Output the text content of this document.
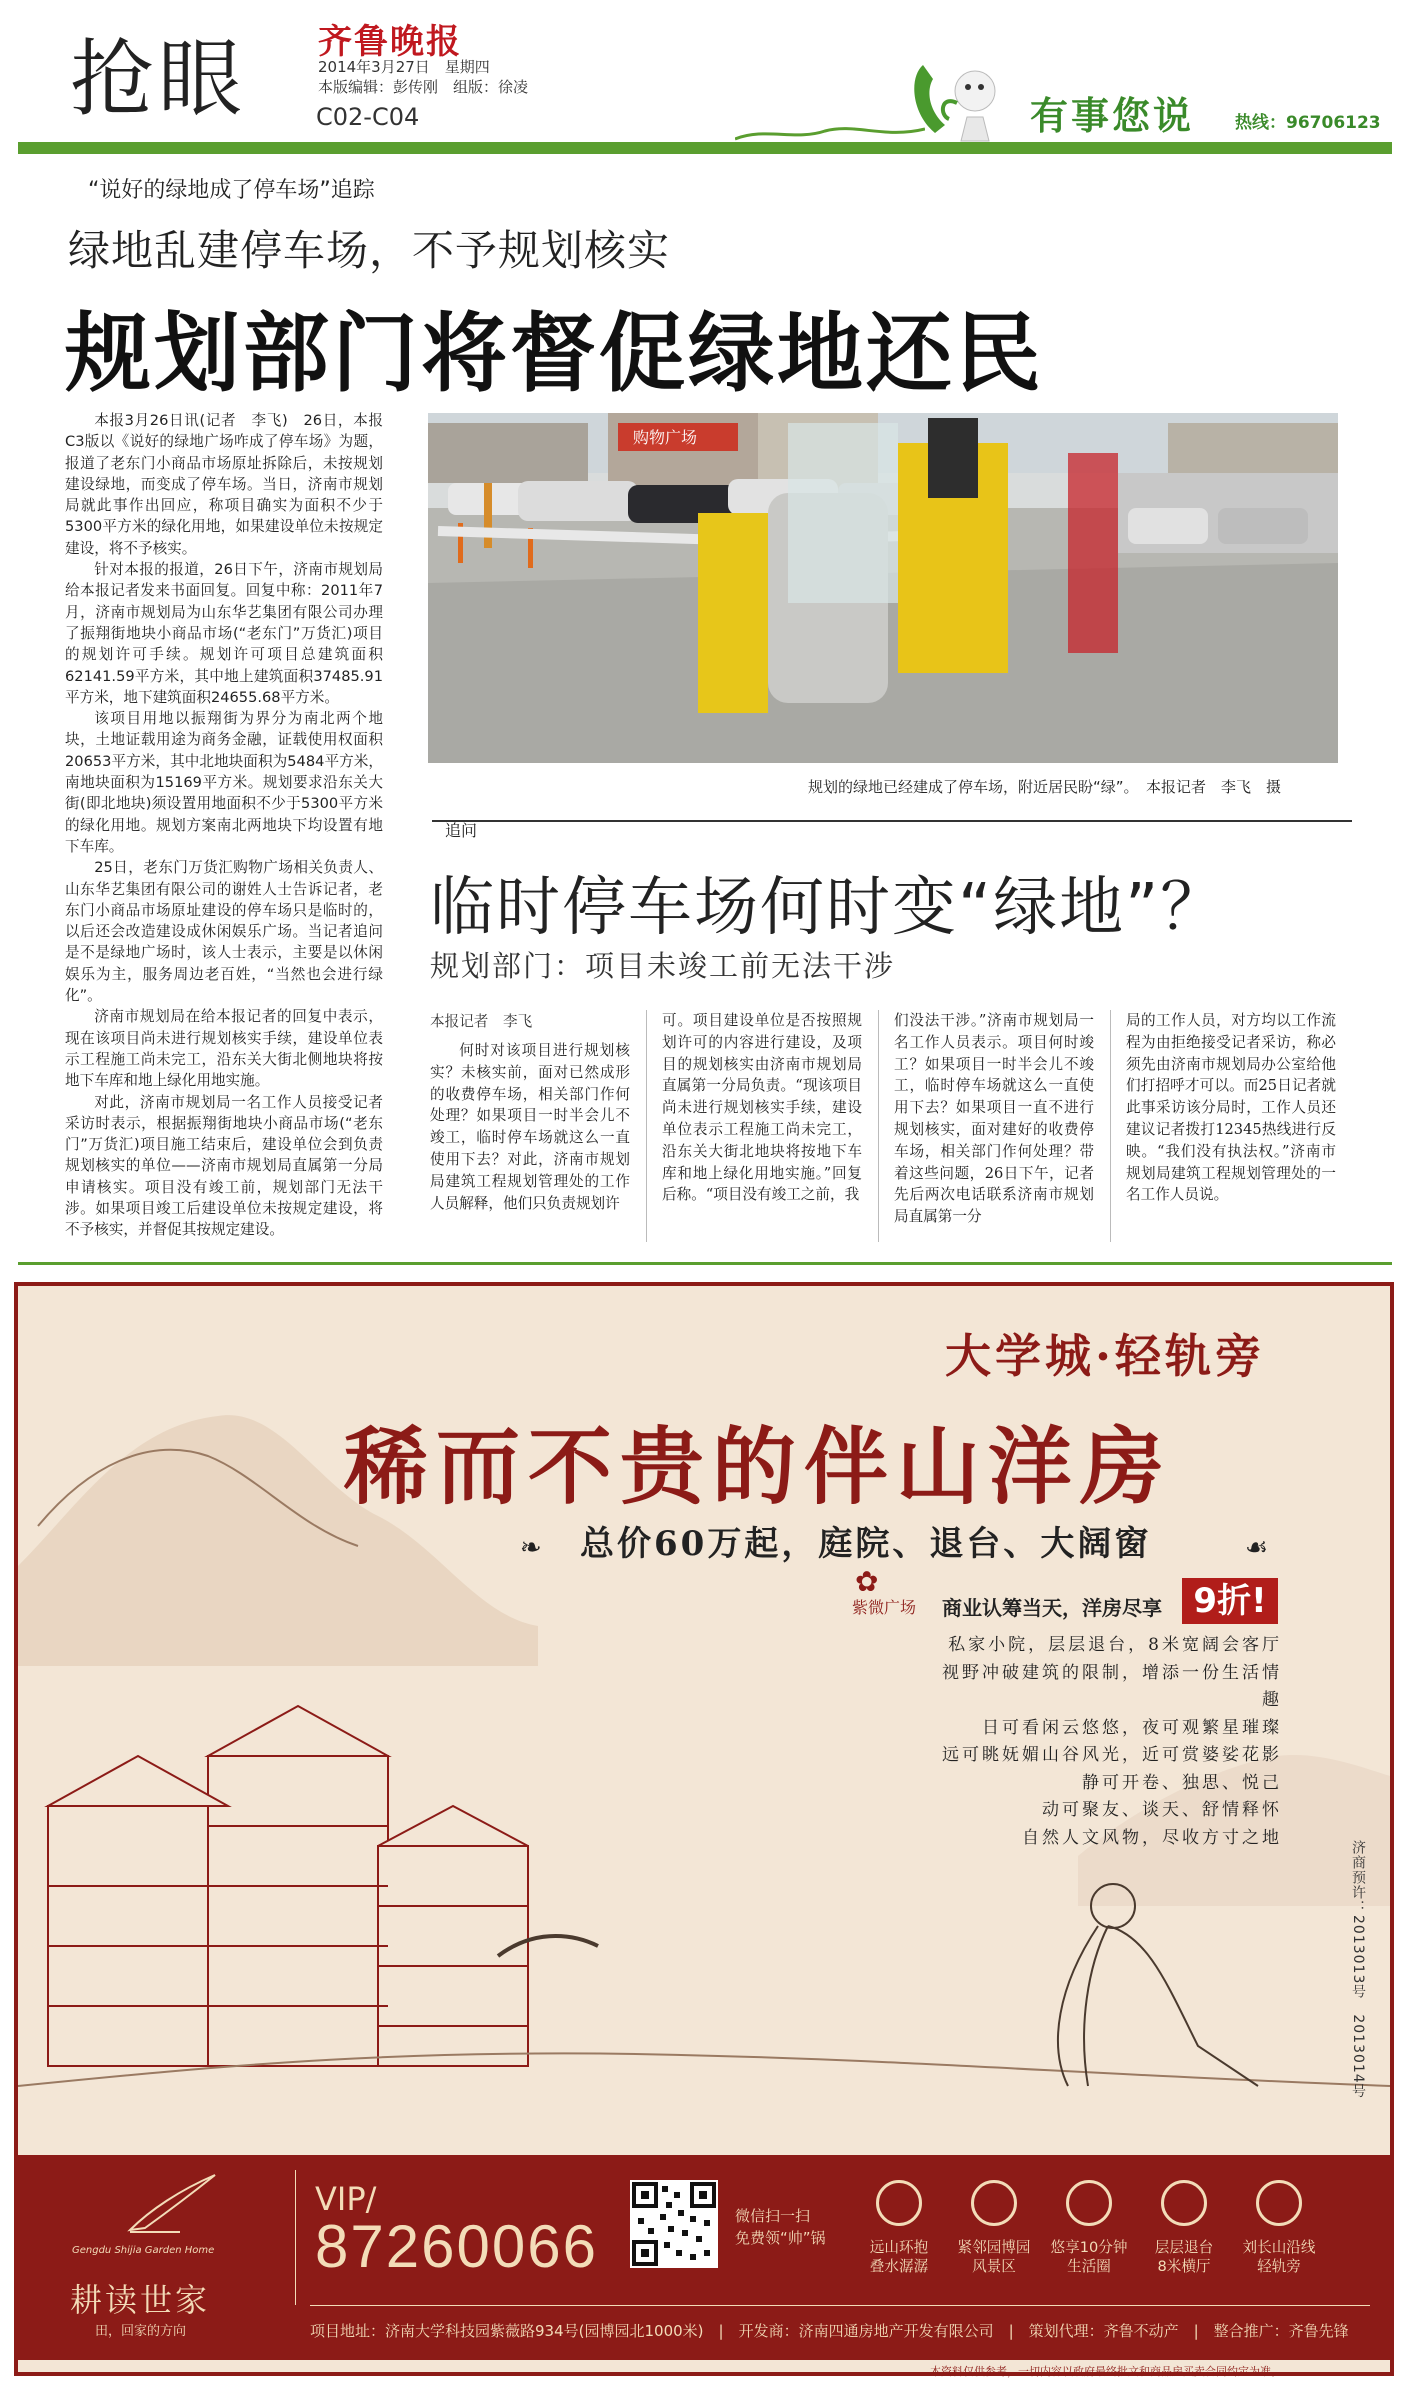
抢眼 齐鲁晚报
2014年3月27日　星期四
本版编辑：彭传刚　组版：徐凌
C02-C04	有事您说 热线：96706123
“说好的绿地成了停车场”追踪
绿地乱建停车场，不予规划核实
规划部门将督促绿地还民

本报3月26日讯(记者　李飞)　26日，本报C3版以《说好的绿地广场咋成了停车场》为题，报道了老东门小商品市场原址拆除后，未按规划建设绿地，而变成了停车场。当日，济南市规划局就此事作出回应，称项目确实为面积不少于5300平方米的绿化用地，如果建设单位未按规定建设，将不予核实。

针对本报的报道，26日下午，济南市规划局给本报记者发来书面回复。回复中称：2011年7月，济南市规划局为山东华艺集团有限公司办理了振翔街地块小商品市场(“老东门”万货汇)项目的规划许可手续。规划许可项目总建筑面积62141.59平方米，其中地上建筑面积37485.91平方米，地下建筑面积24655.68平方米。

该项目用地以振翔街为界分为南北两个地块，土地证载用途为商务金融，证载使用权面积20653平方米，其中北地块面积为5484平方米，南地块面积为15169平方米。规划要求沿东关大街(即北地块)须设置用地面积不少于5300平方米的绿化用地。规划方案南北两地块下均设置有地下车库。

25日，老东门万货汇购物广场相关负责人、山东华艺集团有限公司的谢姓人士告诉记者，老东门小商品市场原址建设的停车场只是临时的，以后还会改造建设成休闲娱乐广场。当记者追问是不是绿地广场时，该人士表示，主要是以休闲娱乐为主，服务周边老百姓，“当然也会进行绿化”。

济南市规划局在给本报记者的回复中表示，现在该项目尚未进行规划核实手续，建设单位表示工程施工尚未完工，沿东关大街北侧地块将按地下车库和地上绿化用地实施。

对此，济南市规划局一名工作人员接受记者采访时表示，根据振翔街地块小商品市场(“老东门”万货汇)项目施工结束后，建设单位会到负责规划核实的单位——济南市规划局直属第一分局申请核实。项目没有竣工前，规划部门无法干涉。如果项目竣工后建设单位未按规定建设，将不予核实，并督促其按规定建设。

购物广场
规划的绿地已经建成了停车场，附近居民盼“绿”。　本报记者　李飞　摄
追问
临时停车场何时变“绿地”？
规划部门：项目未竣工前无法干涉
本报记者　李飞

何时对该项目进行规划核实？未核实前，面对已然成形的收费停车场，相关部门作何处理？如果项目一时半会儿不竣工，临时停车场就这么一直使用下去？对此，济南市规划局建筑工程规划管理处的工作人员解释，他们只负责规划许

可。项目建设单位是否按照规划许可的内容进行建设，及项目的规划核实由济南市规划局直属第一分局负责。“现该项目尚未进行规划核实手续，建设单位表示工程施工尚未完工，沿东关大街北地块将按地下车库和地上绿化用地实施。”回复后称。“项目没有竣工之前，我

们没法干涉。”济南市规划局一名工作人员表示。项目何时竣工？如果项目一时半会儿不竣工，临时停车场就这么一直使用下去？如果项目一直不进行规划核实，面对建好的收费停车场，相关部门作何处理？带着这些问题，26日下午，记者先后两次电话联系济南市规划局直属第一分

局的工作人员，对方均以工作流程为由拒绝接受记者采访，称必须先由济南市规划局办公室给他们打招呼才可以。而25日记者就此事采访该分局时，工作人员还建议记者拨打12345热线进行反映。“我们没有执法权。”济南市规划局建筑工程规划管理处的一名工作人员说。

大学城·轻轨旁
稀而不贵的伴山洋房
❧ 总价60万起，庭院、退台、大阔窗	☙
✿
紫微广场 商业认筹当天，洋房尽享 9折!
私家小院，层层退台，8米宽阔会客厅
视野冲破建筑的限制，增添一份生活情趣
日可看闲云悠悠，夜可观繁星璀璨
远可眺妩媚山谷风光，近可赏婆娑花影
静可开卷、独思、悦己
动可聚友、谈天、舒情释怀
自然人文风物，尽收方寸之地
济商预许：2013013号　2013014号
Gengdu Shijia Garden Home
耕读世家
田，回家的方向
VIP/
87260066	微信扫一扫
免费领“帅”锅
远山环抱
叠水潺潺
紧邻园博园
风景区
悠享10分钟
生活圈
层层退台
8米横厅
刘长山沿线
轻轨旁
项目地址：济南大学科技园紫薇路934号(园博园北1000米)　|　开发商：济南四通房地产开发有限公司　|　策划代理：齐鲁不动产　|　整合推广：齐鲁先锋
本资料仅供参考，一切内容以政府最终批文和商品房买卖合同约定为准。
